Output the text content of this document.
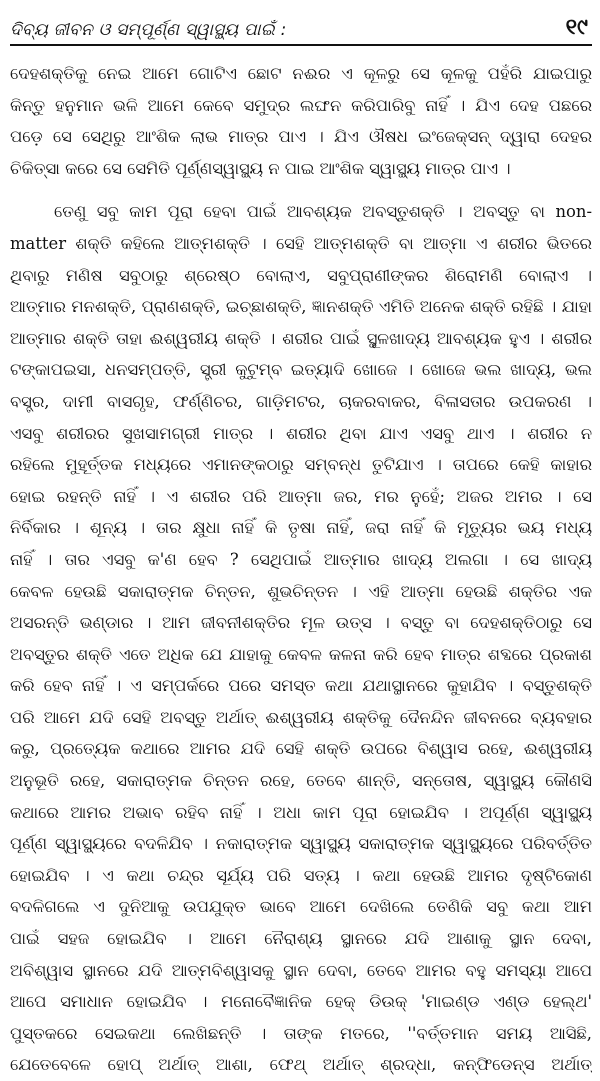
ଦିବ୍ୟ ଜୀବନ ଓ ସମ୍ପୂର୍ଣ୍ଣ ସ୍ୱାସ୍ଥ୍ୟ ପାଇଁ :	୧୯
ଦେହଶକ୍ତିକୁ ନେଇ ଆମେ ଗୋଟିଏ ଛୋଟ ନଈର ଏ କୂଳରୁ ସେ କୂଳକୁ ପହଁରି ଯାଇପାରୁ
କିନ୍ତୁ ହନୁମାନ ଭଳି ଆମେ କେବେ ସମୁଦ୍ର ଲଙ୍ଘନ କରିପାରିବୁ ନାହିଁ । ଯିଏ ଦେହ ପଛରେ
ପଡ଼େ ସେ ସେଥିରୁ ଆଂଶିକ ଲାଭ ମାତ୍ର ପାଏ । ଯିଏ ଔଷଧ ଇଂଜେକ୍ସନ୍ ଦ୍ୱାରା ଦେହର
ଚିକିତ୍ସା କରେ ସେ ସେମିତି ପୂର୍ଣ୍ଣସ୍ୱାସ୍ଥ୍ୟ ନ ପାଇ ଆଂଶିକ ସ୍ୱାସ୍ଥ୍ୟ ମାତ୍ର ପାଏ ।
ତେଣୁ ସବୁ କାମ ପୂରା ହେବା ପାଇଁ ଆବଶ୍ୟକ ଅବସ୍ତୁଶକ୍ତି । ଅବସ୍ତୁ ବା non-
matter ଶକ୍ତି କହିଲେ ଆତ୍ମଶକ୍ତି । ସେହି ଆତ୍ମଶକ୍ତି ବା ଆତ୍ମା ଏ ଶରୀର ଭିତରେ
ଥିବାରୁ ମଣିଷ ସବୁଠାରୁ ଶ୍ରେଷ୍ଠ ବୋଲାଏ, ସବୁପ୍ରାଣୀଙ୍କର ଶିରୋମଣି ବୋଲାଏ ।
ଆତ୍ମାର ମନଶକ୍ତି, ପ୍ରାଣଶକ୍ତି, ଇଚ୍ଛାଶକ୍ତି, ଜ୍ଞାନଶକ୍ତି ଏମିତି ଅନେକ ଶକ୍ତି ରହିଛି । ଯାହା
ଆତ୍ମାର ଶକ୍ତି ତାହା ଈଶ୍ୱରୀୟ ଶକ୍ତି । ଶରୀର ପାଇଁ ସ୍ଥୂଳଖାଦ୍ୟ ଆବଶ୍ୟକ ହୁଏ । ଶରୀର
ଟଙ୍କାପଇସା, ଧନସମ୍ପତ୍ତି, ସ୍ତ୍ରୀ କୁଟୁମ୍ବ ଇତ୍ୟାଦି ଖୋଜେ । ଖୋଜେ ଭଲ ଖାଦ୍ୟ, ଭଲ
ବସ୍ତ୍ର, ଦାମୀ ବାସଗୃହ, ଫର୍ଣ୍ଣିଚର, ଗାଡ଼ିମଟର, ଚାକରବାକର, ବିଳାସତାର ଉପକରଣ ।
ଏସବୁ ଶରୀରର ସୁଖସାମଗ୍ରୀ ମାତ୍ର । ଶରୀର ଥିବା ଯାଏ ଏସବୁ ଥାଏ । ଶରୀର ନ
ରହିଲେ ମୁହୂର୍ତ୍ତକ ମଧ୍ୟରେ ଏମାନଙ୍କଠାରୁ ସମ୍ବନ୍ଧ ତୁଟିଯାଏ । ତାପରେ କେହି କାହାର
ହୋଇ ରହନ୍ତି ନାହିଁ । ଏ ଶରୀର ପରି ଆତ୍ମା ଜର, ମର ନୁହେଁ; ଅଜର ଅମର । ସେ
ନିର୍ବିକାର । ଶୂନ୍ୟ । ତାର କ୍ଷୁଧା ନାହିଁ କି ତୃଷା ନାହିଁ, ଜରା ନାହିଁ କି ମୃତ୍ୟୁର ଭୟ ମଧ୍ୟ
ନାହିଁ । ତାର ଏସବୁ କ'ଣ ହେବ ? ସେଥିପାଇଁ ଆତ୍ମାର ଖାଦ୍ୟ ଅଲଗା । ସେ ଖାଦ୍ୟ
କେବଳ ହେଉଛି ସକାରାତ୍ମକ ଚିନ୍ତନ, ଶୁଭଚିନ୍ତନ । ଏହି ଆତ୍ମା ହେଉଛି ଶକ୍ତିର ଏକ
ଅସରନ୍ତି ଭଣ୍ଡାର । ଆମ ଜୀବନୀଶକ୍ତିର ମୂଳ ଉତ୍ସ । ବସ୍ତୁ ବା ଦେହଶକ୍ତିଠାରୁ ସେ
ଅବସ୍ତୁର ଶକ୍ତି ଏତେ ଅଧିକ ଯେ ଯାହାକୁ କେବଳ କଳନା କରି ହେବ ମାତ୍ର ଶବ୍ଦରେ ପ୍ରକାଶ
କରି ହେବ ନାହିଁ । ଏ ସମ୍ପର୍କରେ ପରେ ସମସ୍ତ କଥା ଯଥାସ୍ଥାନରେ କୁହାଯିବ । ବସ୍ତୁଶକ୍ତି
ପରି ଆମେ ଯଦି ସେହି ଅବସ୍ତୁ ଅର୍ଥାତ୍ ଈଶ୍ୱରୀୟ ଶକ୍ତିକୁ ଦୈନନ୍ଦିନ ଜୀବନରେ ବ୍ୟବହାର
କରୁ, ପ୍ରତ୍ୟେକ କଥାରେ ଆମର ଯଦି ସେହି ଶକ୍ତି ଉପରେ ବିଶ୍ୱାସ ରହେ, ଈଶ୍ୱରୀୟ
ଅନୁଭୂତି ରହେ, ସକାରାତ୍ମକ ଚିନ୍ତନ ରହେ, ତେବେ ଶାନ୍ତି, ସନ୍ତୋଷ, ସ୍ୱାସ୍ଥ୍ୟ କୌଣସି
କଥାରେ ଆମର ଅଭାବ ରହିବ ନାହିଁ । ଅଧା କାମ ପୂରା ହୋଇଯିବ । ଅପୂର୍ଣ୍ଣ ସ୍ୱାସ୍ଥ୍ୟ
ପୂର୍ଣ୍ଣ ସ୍ୱାସ୍ଥ୍ୟରେ ବଦଳିଯିବ । ନକାରାତ୍ମକ ସ୍ୱାସ୍ଥ୍ୟ ସକାରାତ୍ମକ ସ୍ୱାସ୍ଥ୍ୟରେ ପରିବର୍ତ୍ତିତ
ହୋଇଯିବ । ଏ କଥା ଚନ୍ଦ୍ର ସୂର୍ଯ୍ୟ ପରି ସତ୍ୟ । କଥା ହେଉଛି ଆମର ଦୃଷ୍ଟିକୋଣ
ବଦଳିଗଲେ ଏ ଦୁନିଆକୁ ଉପଯୁକ୍ତ ଭାବେ ଆମେ ଦେଖିଲେ ତେଣିକି ସବୁ କଥା ଆମ
ପାଇଁ ସହଜ ହୋଇଯିବ । ଆମେ ନୈରାଶ୍ୟ ସ୍ଥାନରେ ଯଦି ଆଶାକୁ ସ୍ଥାନ ଦେବା,
ଅବିଶ୍ୱାସ ସ୍ଥାନରେ ଯଦି ଆତ୍ମବିଶ୍ୱାସକୁ ସ୍ଥାନ ଦେବା, ତେବେ ଆମର ବହୁ ସମସ୍ୟା ଆପେ
ଆପେ ସମାଧାନ ହୋଇଯିବ । ମନୋବୈଜ୍ଞାନିକ ହେକ୍ ଡିଉକ୍ 'ମାଇଣ୍ଡ ଏଣ୍ଡ ହେଲ୍‌ଥ'
ପୁସ୍ତକରେ ସେଇକଥା ଲେଖିଛନ୍ତି । ତାଙ୍କ ମତରେ, ''ବର୍ତ୍ତମାନ ସମୟ ଆସିଛି,
ଯେତେବେଳେ ହୋପ୍ ଅର୍ଥାତ୍ ଆଶା, ଫେଥ୍ ଅର୍ଥାତ୍ ଶ୍ରଦ୍ଧା, କନ୍‌ଫିଡେନ୍ସ ଅର୍ଥାତ୍
